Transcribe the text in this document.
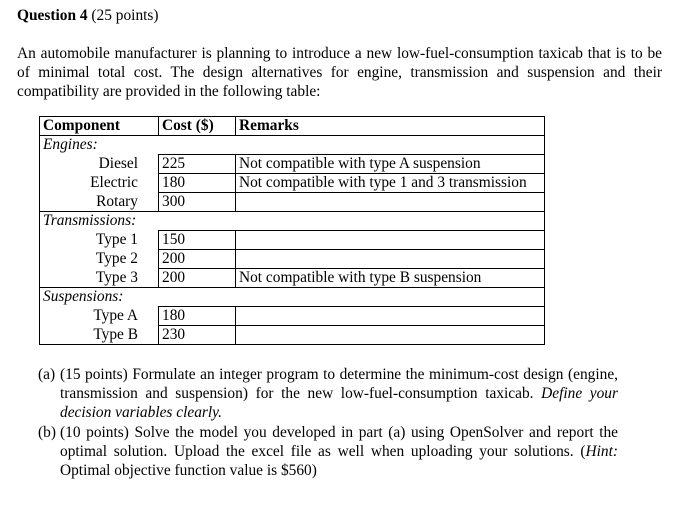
Question 4 (25 points)
An automobile manufacturer is planning to introduce a new low-fuel-consumption taxicab that is to be of minimal total cost. The design alternatives for engine, transmission and suspension and their compatibility are provided in the following table:
Component	Cost ($)	Remarks
Engines:		
Diesel	225	Not compatible with type A suspension
Electric	180	Not compatible with type 1 and 3 transmission
Rotary	300	
Transmissions:		
Type 1	150	
Type 2	200	
Type 3	200	Not compatible with type B suspension
Suspensions:		
Type A	180	
Type B	230	
(a) (15 points) Formulate an integer program to determine the minimum-cost design (engine, transmission and suspension) for the new low-fuel-consumption taxicab. Define your decision variables clearly.
(b) (10 points) Solve the model you developed in part (a) using OpenSolver and report the optimal solution. Upload the excel file as well when uploading your solutions. (Hint: Optimal objective function value is $560)
